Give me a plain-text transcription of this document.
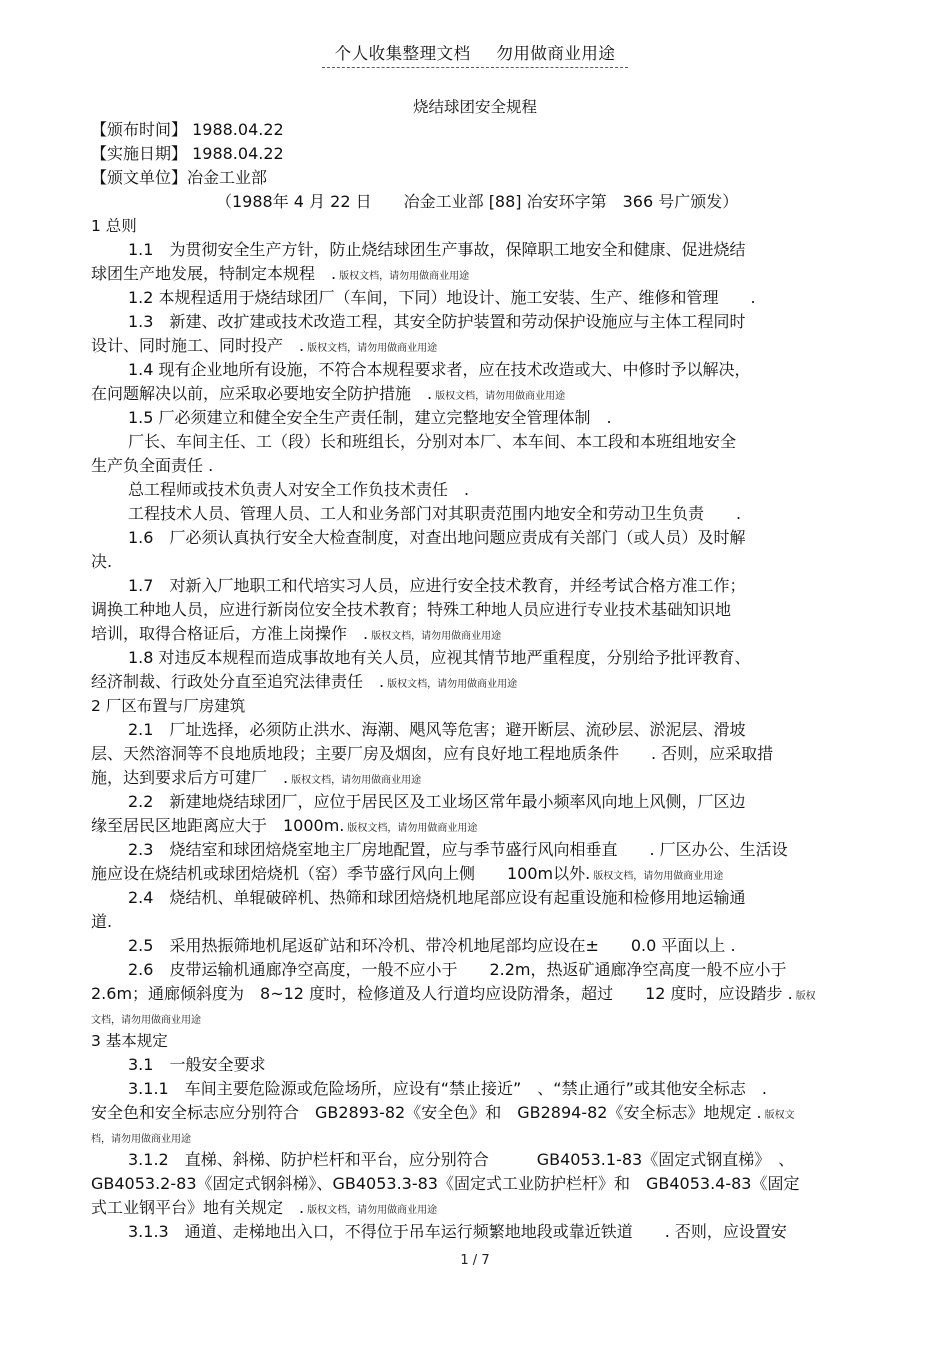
个人收集整理文档 勿用做商业用途
烧结球团安全规程
【颁布时间】 1988.04.22
【实施日期】 1988.04.22
【颁文单位】冶金工业部
（1988年 4 月 22 日　　冶金工业部 [88] 冶安环字第　366 号广颁发）
1 总则
1.1　为贯彻安全生产方针，防止烧结球团生产事故，保障职工地安全和健康、促进烧结
球团生产地发展，特制定本规程　. 版权文档，请勿用做商业用途
1.2 本规程适用于烧结球团厂（车间，下同）地设计、施工安装、生产、维修和管理　　.
1.3　新建、改扩建或技术改造工程，其安全防护装置和劳动保护设施应与主体工程同时
设计、同时施工、同时投产　. 版权文档，请勿用做商业用途
1.4 现有企业地所有设施，不符合本规程要求者，应在技术改造或大、中修时予以解决，
在问题解决以前，应采取必要地安全防护措施　. 版权文档，请勿用做商业用途
1.5 厂必须建立和健全安全生产责任制，建立完整地安全管理体制　.
厂长、车间主任、工（段）长和班组长，分别对本厂、本车间、本工段和本班组地安全
生产负全面责任 .
总工程师或技术负责人对安全工作负技术责任　.
工程技术人员、管理人员、工人和业务部门对其职责范围内地安全和劳动卫生负责　　.
1.6　厂必须认真执行安全大检查制度，对查出地问题应责成有关部门（或人员）及时解
决.
1.7　对新入厂地职工和代培实习人员，应进行安全技术教育，并经考试合格方准工作；
调换工种地人员，应进行新岗位安全技术教育；特殊工种地人员应进行专业技术基础知识地
培训，取得合格证后，方准上岗操作　. 版权文档，请勿用做商业用途
1.8 对违反本规程而造成事故地有关人员，应视其情节地严重程度，分别给予批评教育、
经济制裁、行政处分直至追究法律责任　. 版权文档，请勿用做商业用途
2 厂区布置与厂房建筑
2.1　厂址选择，必须防止洪水、海潮、飓风等危害；避开断层、流砂层、淤泥层、滑坡
层、天然溶洞等不良地质地段；主要厂房及烟囱，应有良好地工程地质条件　　. 否则，应采取措
施，达到要求后方可建厂　. 版权文档，请勿用做商业用途
2.2　新建地烧结球团厂，应位于居民区及工业场区常年最小频率风向地上风侧，厂区边
缘至居民区地距离应大于　1000m. 版权文档，请勿用做商业用途
2.3　烧结室和球团焙烧室地主厂房地配置，应与季节盛行风向相垂直　　. 厂区办公、生活设
施应设在烧结机或球团焙烧机（窑）季节盛行风向上侧　　100m以外. 版权文档，请勿用做商业用途
2.4　烧结机、单辊破碎机、热筛和球团焙烧机地尾部应设有起重设施和检修用地运输通
道.
2.5　采用热振筛地机尾返矿站和环冷机、带冷机地尾部均应设在±　　0.0 平面以上 .
2.6　皮带运输机通廊净空高度，一般不应小于　　2.2m，热返矿通廊净空高度一般不应小于
2.6m；通廊倾斜度为　8~12 度时，检修道及人行道均应设防滑条，超过　　12 度时，应设踏步 . 版权
文档，请勿用做商业用途
3 基本规定
3.1　一般安全要求
3.1.1　车间主要危险源或危险场所，应设有“禁止接近”　、“禁止通行”或其他安全标志　.
安全色和安全标志应分别符合　GB2893-82《安全色》和　GB2894-82《安全标志》地规定 . 版权文
档，请勿用做商业用途
3.1.2　直梯、斜梯、防护栏杆和平台，应分别符合　　　GB4053.1-83《固定式钢直梯》　、
GB4053.2-83《固定式钢斜梯》、GB4053.3-83《固定式工业防护栏杆》和　GB4053.4-83《固定
式工业钢平台》地有关规定　. 版权文档，请勿用做商业用途
3.1.3　通道、走梯地出入口，不得位于吊车运行频繁地地段或靠近铁道　　. 否则，应设置安
1 / 7
